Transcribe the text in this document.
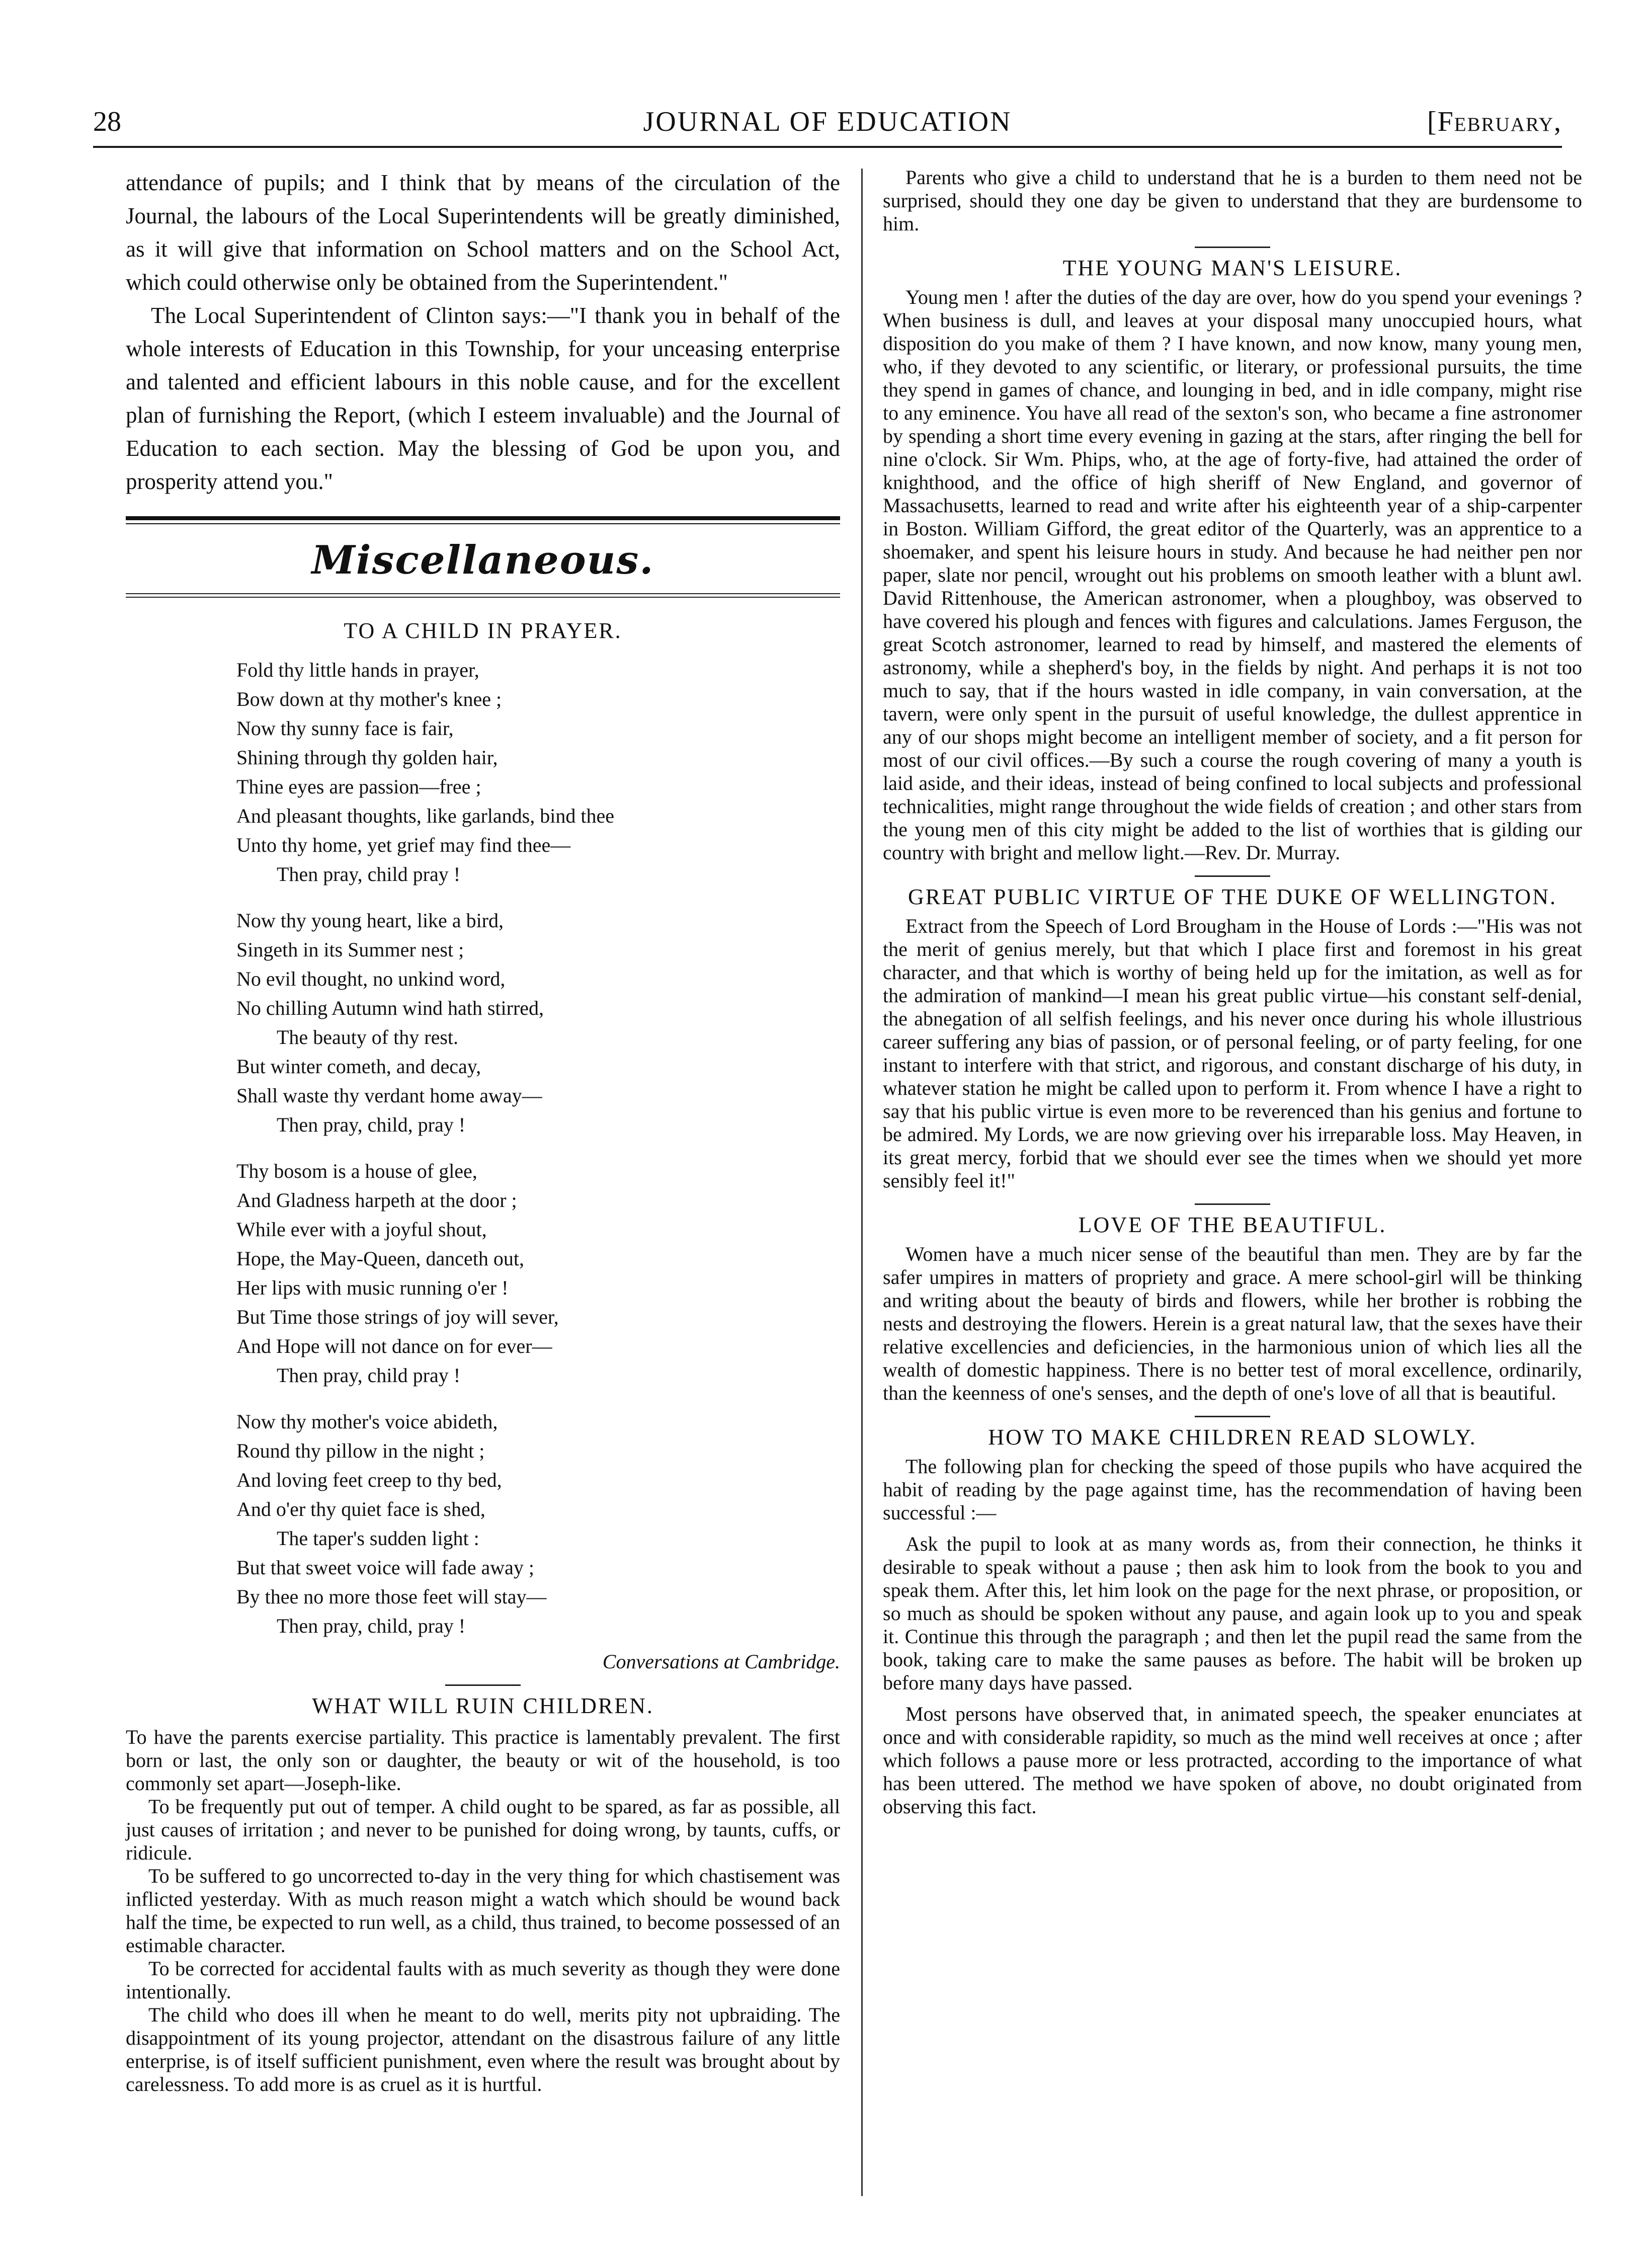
28	JOURNAL OF EDUCATION	[February,

attendance of pupils; and I think that by means of the circulation of the Journal, the labours of the Local Superintendents will be greatly diminished, as it will give that information on School matters and on the School Act, which could otherwise only be obtained from the Superintendent."

The Local Superintendent of Clinton says:—"I thank you in behalf of the whole interests of Education in this Township, for your unceasing enterprise and talented and efficient labours in this noble cause, and for the excellent plan of furnishing the Report, (which I esteem invaluable) and the Journal of Education to each section. May the blessing of God be upon you, and prosperity attend you."

Miscellaneous.
TO A CHILD IN PRAYER.
Fold thy little hands in prayer,
Bow down at thy mother's knee ;
Now thy sunny face is fair,
Shining through thy golden hair,
Thine eyes are passion—free ;
And pleasant thoughts, like garlands, bind thee
Unto thy home, yet grief may find thee—
Then pray, child pray !
Now thy young heart, like a bird,
Singeth in its Summer nest ;
No evil thought, no unkind word,
No chilling Autumn wind hath stirred,
The beauty of thy rest.
But winter cometh, and decay,
Shall waste thy verdant home away—
Then pray, child, pray !
Thy bosom is a house of glee,
And Gladness harpeth at the door ;
While ever with a joyful shout,
Hope, the May-Queen, danceth out,
Her lips with music running o'er !
But Time those strings of joy will sever,
And Hope will not dance on for ever—
Then pray, child pray !
Now thy mother's voice abideth,
Round thy pillow in the night ;
And loving feet creep to thy bed,
And o'er thy quiet face is shed,
The taper's sudden light :
But that sweet voice will fade away ;
By thee no more those feet will stay—
Then pray, child, pray !
Conversations at Cambridge.
WHAT WILL RUIN CHILDREN.

To have the parents exercise partiality. This practice is lamentably prevalent. The first born or last, the only son or daughter, the beauty or wit of the household, is too commonly set apart—Joseph-like.

To be frequently put out of temper. A child ought to be spared, as far as possible, all just causes of irritation ; and never to be punished for doing wrong, by taunts, cuffs, or ridicule.

To be suffered to go uncorrected to-day in the very thing for which chastisement was inflicted yesterday. With as much reason might a watch which should be wound back half the time, be expected to run well, as a child, thus trained, to become possessed of an estimable character.

To be corrected for accidental faults with as much severity as though they were done intentionally.

The child who does ill when he meant to do well, merits pity not upbraiding. The disappointment of its young projector, attendant on the disastrous failure of any little enterprise, is of itself sufficient punishment, even where the result was brought about by carelessness. To add more is as cruel as it is hurtful.

Parents who give a child to understand that he is a burden to them need not be surprised, should they one day be given to understand that they are burdensome to him.

THE YOUNG MAN'S LEISURE.

Young men ! after the duties of the day are over, how do you spend your evenings ? When business is dull, and leaves at your disposal many unoccupied hours, what disposition do you make of them ? I have known, and now know, many young men, who, if they devoted to any scientific, or literary, or professional pursuits, the time they spend in games of chance, and lounging in bed, and in idle company, might rise to any eminence. You have all read of the sexton's son, who became a fine astronomer by spending a short time every evening in gazing at the stars, after ringing the bell for nine o'clock. Sir Wm. Phips, who, at the age of forty-five, had attained the order of knighthood, and the office of high sheriff of New England, and governor of Massachusetts, learned to read and write after his eighteenth year of a ship-carpenter in Boston. William Gifford, the great editor of the Quarterly, was an apprentice to a shoemaker, and spent his leisure hours in study. And because he had neither pen nor paper, slate nor pencil, wrought out his problems on smooth leather with a blunt awl. David Rittenhouse, the American astronomer, when a ploughboy, was observed to have covered his plough and fences with figures and calculations. James Ferguson, the great Scotch astronomer, learned to read by himself, and mastered the elements of astronomy, while a shepherd's boy, in the fields by night. And perhaps it is not too much to say, that if the hours wasted in idle company, in vain conversation, at the tavern, were only spent in the pursuit of useful knowledge, the dullest apprentice in any of our shops might become an intelligent member of society, and a fit person for most of our civil offices.—By such a course the rough covering of many a youth is laid aside, and their ideas, instead of being confined to local subjects and professional technicalities, might range throughout the wide fields of creation ; and other stars from the young men of this city might be added to the list of worthies that is gilding our country with bright and mellow light.—Rev. Dr. Murray.

GREAT PUBLIC VIRTUE OF THE DUKE OF WELLINGTON.

Extract from the Speech of Lord Brougham in the House of Lords :—"His was not the merit of genius merely, but that which I place first and foremost in his great character, and that which is worthy of being held up for the imitation, as well as for the admiration of mankind—I mean his great public virtue—his constant self-denial, the abnegation of all selfish feelings, and his never once during his whole illustrious career suffering any bias of passion, or of personal feeling, or of party feeling, for one instant to interfere with that strict, and rigorous, and constant discharge of his duty, in whatever station he might be called upon to perform it. From whence I have a right to say that his public virtue is even more to be reverenced than his genius and fortune to be admired. My Lords, we are now grieving over his irreparable loss. May Heaven, in its great mercy, forbid that we should ever see the times when we should yet more sensibly feel it!"

LOVE OF THE BEAUTIFUL.

Women have a much nicer sense of the beautiful than men. They are by far the safer umpires in matters of propriety and grace. A mere school-girl will be thinking and writing about the beauty of birds and flowers, while her brother is robbing the nests and destroying the flowers. Herein is a great natural law, that the sexes have their relative excellencies and deficiencies, in the harmonious union of which lies all the wealth of domestic happiness. There is no better test of moral excellence, ordinarily, than the keenness of one's senses, and the depth of one's love of all that is beautiful.

HOW TO MAKE CHILDREN READ SLOWLY.

The following plan for checking the speed of those pupils who have acquired the habit of reading by the page against time, has the recommendation of having been successful :—

Ask the pupil to look at as many words as, from their connection, he thinks it desirable to speak without a pause ; then ask him to look from the book to you and speak them. After this, let him look on the page for the next phrase, or proposition, or so much as should be spoken without any pause, and again look up to you and speak it. Continue this through the paragraph ; and then let the pupil read the same from the book, taking care to make the same pauses as before. The habit will be broken up before many days have passed.

Most persons have observed that, in animated speech, the speaker enunciates at once and with considerable rapidity, so much as the mind well receives at once ; after which follows a pause more or less protracted, according to the importance of what has been uttered. The method we have spoken of above, no doubt originated from observing this fact.
